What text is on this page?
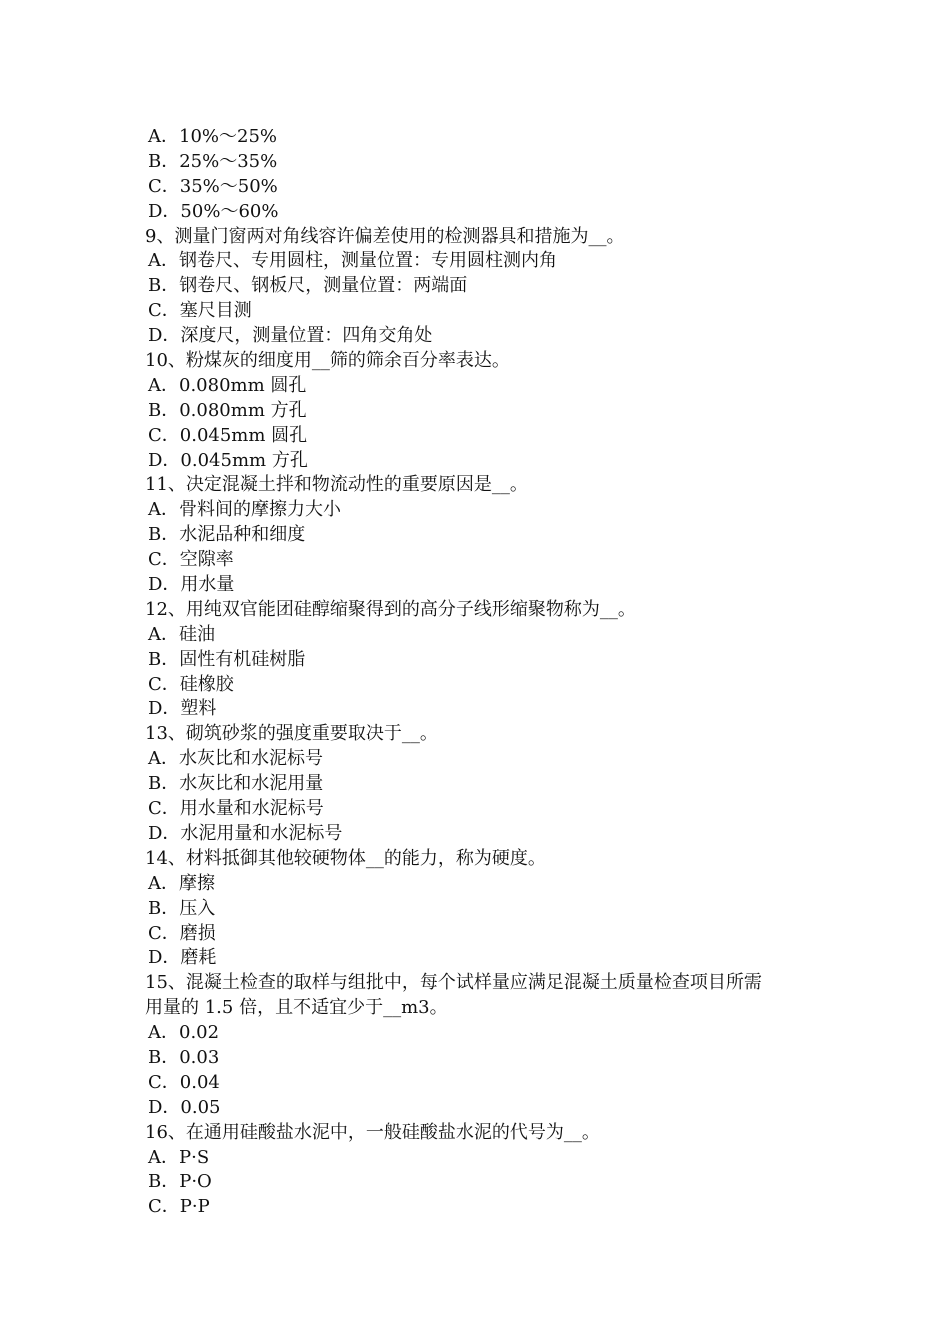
A．10%～25%
B．25%～35%
C．35%～50%
D．50%～60%
9、测量门窗两对角线容许偏差使用的检测器具和措施为__。
A．钢卷尺、专用圆柱，测量位置：专用圆柱测内角
B．钢卷尺、钢板尺，测量位置：两端面
C．塞尺目测
D．深度尺，测量位置：四角交角处
10、粉煤灰的细度用__筛的筛余百分率表达。
A．0.080mm 圆孔
B．0.080mm 方孔
C．0.045mm 圆孔
D．0.045mm 方孔
11、决定混凝土拌和物流动性的重要原因是__。
A．骨料间的摩擦力大小
B．水泥品种和细度
C．空隙率
D．用水量
12、用纯双官能团硅醇缩聚得到的高分子线形缩聚物称为__。
A．硅油
B．固性有机硅树脂
C．硅橡胶
D．塑料
13、砌筑砂浆的强度重要取决于__。
A．水灰比和水泥标号
B．水灰比和水泥用量
C．用水量和水泥标号
D．水泥用量和水泥标号
14、材料抵御其他较硬物体__的能力，称为硬度。
A．摩擦
B．压入
C．磨损
D．磨耗
15、混凝土检查的取样与组批中，每个试样量应满足混凝土质量检查项目所需
用量的 1.5 倍，且不适宜少于__m3。
A．0.02
B．0.03
C．0.04
D．0.05
16、在通用硅酸盐水泥中，一般硅酸盐水泥的代号为__。
A．P·S
B．P·O
C．P·P
